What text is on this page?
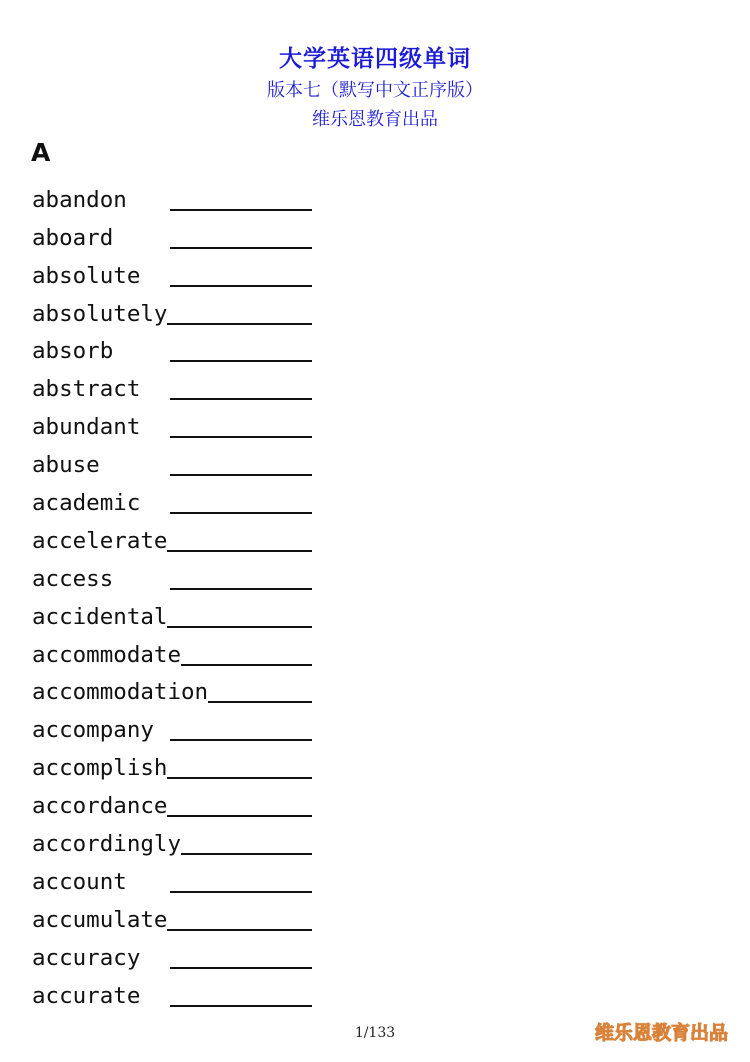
大学英语四级单词
版本七（默写中文正序版）
维乐恩教育出品
A
abandon
aboard
absolute
absolutely
absorb
abstract
abundant
abuse
academic
accelerate
access
accidental
accommodate
accommodation
accompany
accomplish
accordance
accordingly
account
accumulate
accuracy
accurate
1/133	维乐恩教育出品
